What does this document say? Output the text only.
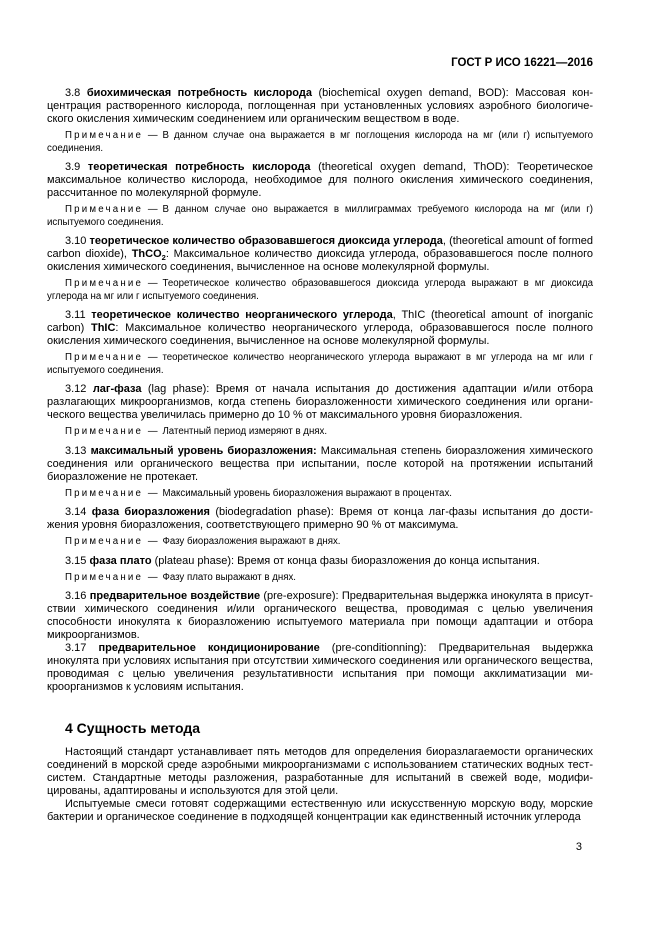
ГОСТ Р ИСО 16221—2016

3.8 биохимическая потребность кислорода (biochemical oxygen demand, BOD): Массовая концентрация растворенного кислорода, поглощенная при установленных условиях аэробного биологического окисления химическим соединением или органическим веществом в воде.

Примечание — В данном случае она выражается в мг поглощения кислорода на мг (или г) испытуемого соединения.

3.9 теоретическая потребность кислорода (theoretical oxygen demand, ThOD): Теоретическое максимальное количество кислорода, необходимое для полного окисления химического соединения, рассчитанное по молекулярной формуле.

Примечание — В данном случае оно выражается в миллиграммах требуемого кислорода на мг (или г) испытуемого соединения.

3.10 теоретическое количество образовавшегося диоксида углерода, (theoretical amount of formed carbon dioxide), ThCO$_2$: Максимальное количество диоксида углерода, образовавшегося после полного окисления химического соединения, вычисленное на основе молекулярной формулы.

Примечание — Теоретическое количество образовавшегося диоксида углерода выражают в мг диоксида углерода на мг или г испытуемого соединения.

3.11 теоретическое количество неорганического углерода, ThIC (theoretical amount of inorganic carbon) ThIC: Максимальное количество неорганического углерода, образовавшегося после полного окисления химического соединения, вычисленное на основе молекулярной формулы.

Примечание — теоретическое количество неорганического углерода выражают в мг углерода на мг или г испытуемого соединения.

3.12 лаг-фаза (lag phase): Время от начала испытания до достижения адаптации и/или отбора разлагающих микроорганизмов, когда степень биоразложенности химического соединения или органического вещества увеличилась примерно до 10 % от максимального уровня биоразложения.

Примечание — Латентный период измеряют в днях.

3.13 максимальный уровень биоразложения: Максимальная степень биоразложения химического соединения или органического вещества при испытании, после которой на протяжении испытаний биоразложение не протекает.

Примечание — Максимальный уровень биоразложения выражают в процентах.

3.14 фаза биоразложения (biodegradation phase): Время от конца лаг-фазы испытания до достижения уровня биоразложения, соответствующего примерно 90 % от максимума.

Примечание — Фазу биоразложения выражают в днях.

3.15 фаза плато (plateau phase): Время от конца фазы биоразложения до конца испытания.

Примечание — Фазу плато выражают в днях.

3.16 предварительное воздействие (pre-exposure): Предварительная выдержка инокулята в присутствии химического соединения и/или органического вещества, проводимая с целью увеличения способности инокулята к биоразложению испытуемого материала при помощи адаптации и отбора микроорганизмов.

3.17 предварительное кондиционирование (pre-conditionning): Предварительная выдержка инокулята при условиях испытания при отсутствии химического соединения или органического вещества, проводимая с целью увеличения результативности испытания при помощи акклиматизации микроорганизмов к условиям испытания.

4 Сущность метода

Настоящий стандарт устанавливает пять методов для определения биоразлагаемости органических соединений в морской среде аэробными микроорганизмами с использованием статических водных тест-систем. Стандартные методы разложения, разработанные для испытаний в свежей воде, модифицированы, адаптированы и используются для этой цели.

Испытуемые смеси готовят содержащими естественную или искусственную морскую воду, морские бактерии и органическое соединение в подходящей концентрации как единственный источник углерода

3
